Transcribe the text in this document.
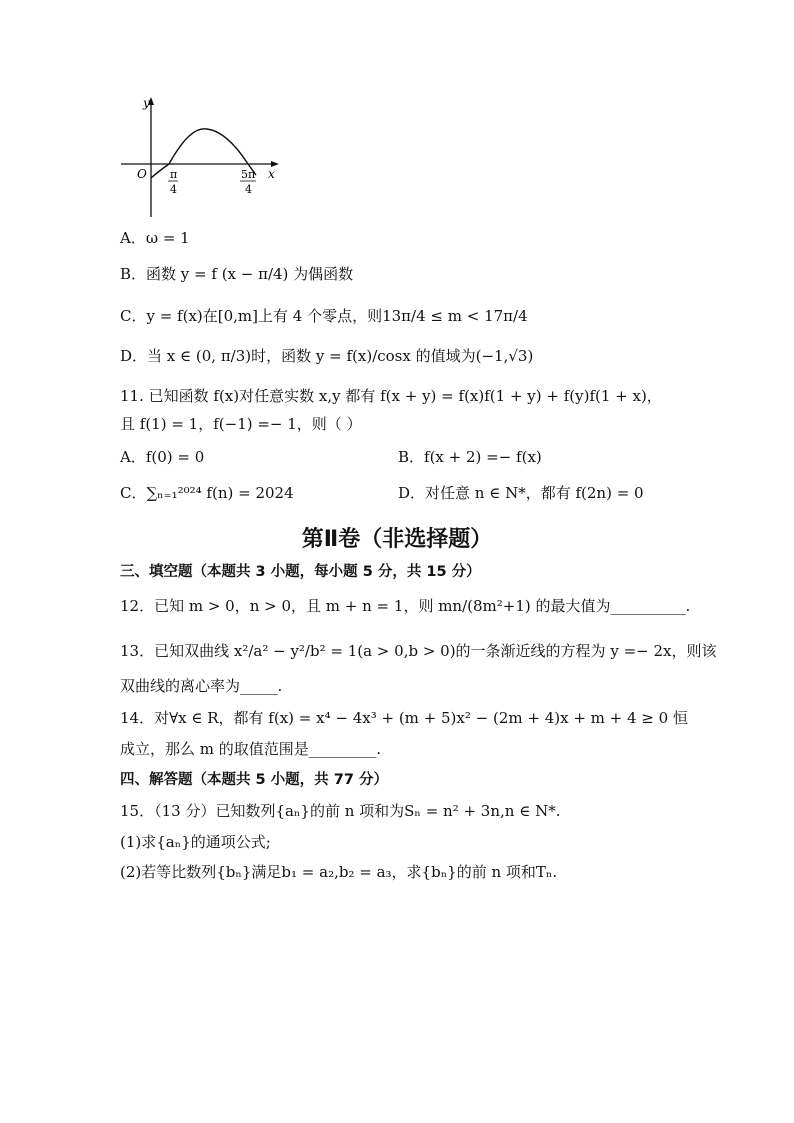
y
x
O π
4
5π
4
A．ω = 1
B．函数 y = f (x − π/4) 为偶函数
C．y = f(x)在[0,m]上有 4 个零点，则13π/4 ≤ m < 17π/4
D．当 x ∈ (0, π/3)时，函数 y = f(x)/cosx 的值域为(−1,√3)
11. 已知函数 f(x)对任意实数 x,y 都有 f(x + y) = f(x)f(1 + y) + f(y)f(1 + x)，
且 f(1) = 1，f(−1) =− 1，则（ ）
A．f(0) = 0	B．f(x + 2) =− f(x)
C．∑ₙ₌₁²⁰²⁴ f(n) = 2024	D．对任意 n ∈ N*，都有 f(2n) = 0
第Ⅱ卷（非选择题）
三、填空题（本题共 3 小题，每小题 5 分，共 15 分）
12．已知 m > 0，n > 0，且 m + n = 1，则 mn/(8m²+1) 的最大值为__________.
13．已知双曲线 x²/a² − y²/b² = 1(a > 0,b > 0)的一条渐近线的方程为 y =− 2x，则该
双曲线的离心率为_____.
14．对∀x ∈ R，都有 f(x) = x⁴ − 4x³ + (m + 5)x² − (2m + 4)x + m + 4 ≥ 0 恒
成立，那么 m 的取值范围是_________.
四、解答题（本题共 5 小题，共 77 分）
15．（13 分）已知数列{aₙ}的前 n 项和为Sₙ = n² + 3n,n ∈ N*.
(1)求{aₙ}的通项公式;
(2)若等比数列{bₙ}满足b₁ = a₂,b₂ = a₃，求{bₙ}的前 n 项和Tₙ.
